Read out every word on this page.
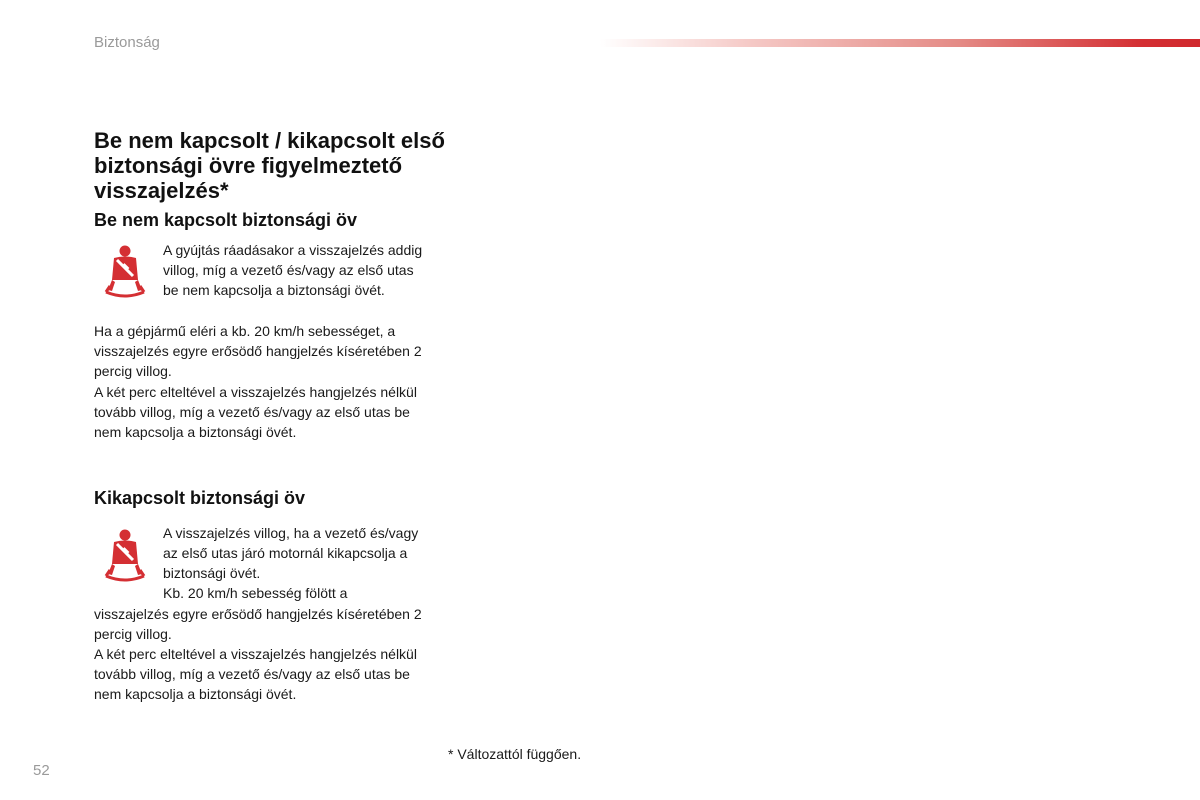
Biztonság
Be nem kapcsolt / kikapcsolt első biztonsági övre figyelmeztető visszajelzés*
Be nem kapcsolt biztonsági öv
A gyújtás ráadásakor a visszajelzés addig villog, míg a vezető és/vagy az első utas be nem kapcsolja a biztonsági övét.
Ha a gépjármű eléri a kb. 20 km/h sebességet, a visszajelzés egyre erősödő hangjelzés kíséretében 2 percig villog.
A két perc elteltével a visszajelzés hangjelzés nélkül tovább villog, míg a vezető és/vagy az első utas be nem kapcsolja a biztonsági övét.
Kikapcsolt biztonsági öv
A visszajelzés villog, ha a vezető és/vagy az első utas járó motornál kikapcsolja a biztonsági övét.
Kb. 20 km/h sebesség fölött a
visszajelzés egyre erősödő hangjelzés kíséretében 2 percig villog.
A két perc elteltével a visszajelzés hangjelzés nélkül tovább villog, míg a vezető és/vagy az első utas be nem kapcsolja a biztonsági övét.
* Változattól függően.
52
